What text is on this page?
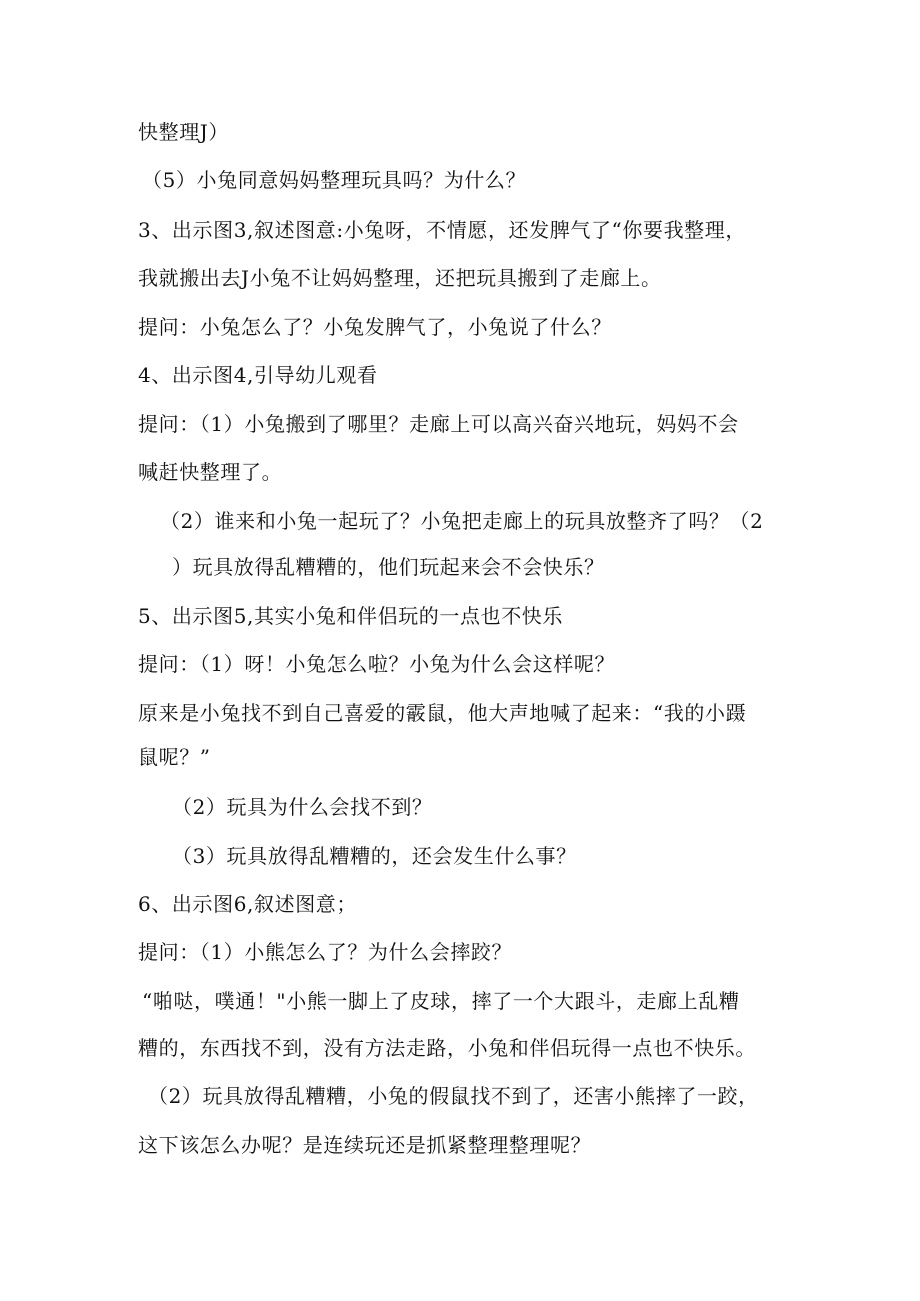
快整理J）
（5）小兔同意妈妈整理玩具吗？为什么？
3、出示图3,叙述图意:小兔呀，不情愿，还发脾气了“你要我整理，
我就搬出去J小兔不让妈妈整理，还把玩具搬到了走廊上。
提问：小兔怎么了？小兔发脾气了，小兔说了什么？
4、出示图4,引导幼儿观看
提问：（1）小兔搬到了哪里？走廊上可以高兴奋兴地玩，妈妈不会
喊赶快整理了。
（2）谁来和小兔一起玩了？小兔把走廊上的玩具放整齐了吗？（2
）玩具放得乱糟糟的，他们玩起来会不会快乐？
5、出示图5,其实小兔和伴侣玩的一点也不快乐
提问：（1）呀！小兔怎么啦？小兔为什么会这样呢？
原来是小兔找不到自己喜爱的霰鼠，他大声地喊了起来：“我的小蹑
鼠呢？”
（2）玩具为什么会找不到？
（3）玩具放得乱糟糟的，还会发生什么事？
6、出示图6,叙述图意；
提问：（1）小熊怎么了？为什么会摔跤？
“啪哒，噗通！"小熊一脚上了皮球，摔了一个大跟斗，走廊上乱糟
糟的，东西找不到，没有方法走路，小兔和伴侣玩得一点也不快乐。
（2）玩具放得乱糟糟，小兔的假鼠找不到了，还害小熊摔了一跤，
这下该怎么办呢？是连续玩还是抓紧整理整理呢？
